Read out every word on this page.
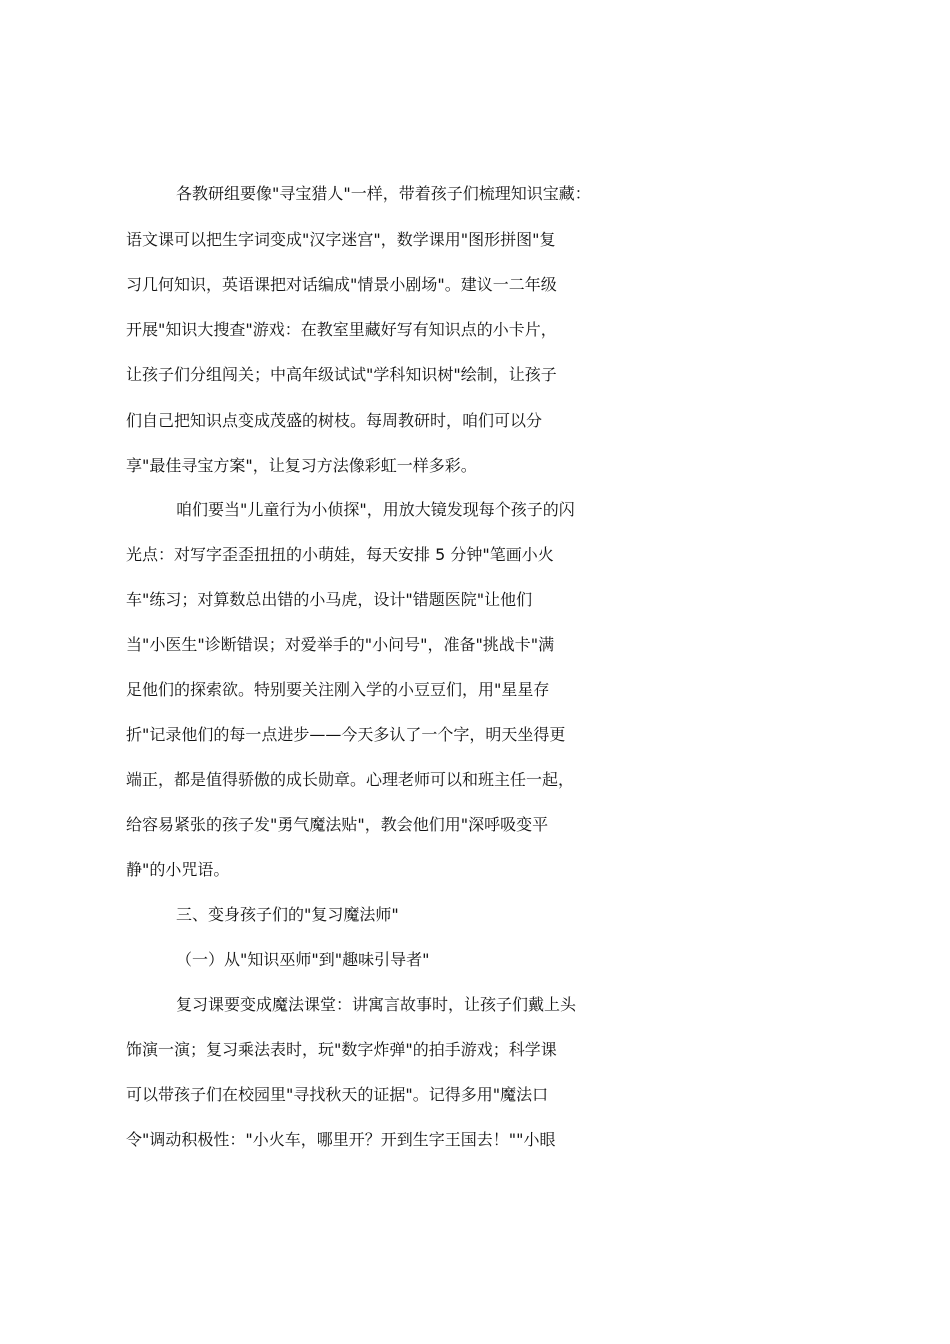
各教研组要像"寻宝猎人"一样，带着孩子们梳理知识宝藏：
语文课可以把生字词变成"汉字迷宫"，数学课用"图形拼图"复
习几何知识，英语课把对话编成"情景小剧场"。建议一二年级
开展"知识大搜查"游戏：在教室里藏好写有知识点的小卡片，
让孩子们分组闯关；中高年级试试"学科知识树"绘制，让孩子
们自己把知识点变成茂盛的树枝。每周教研时，咱们可以分
享"最佳寻宝方案"，让复习方法像彩虹一样多彩。
咱们要当"儿童行为小侦探"，用放大镜发现每个孩子的闪
光点：对写字歪歪扭扭的小萌娃，每天安排 5 分钟"笔画小火
车"练习；对算数总出错的小马虎，设计"错题医院"让他们
当"小医生"诊断错误；对爱举手的"小问号"，准备"挑战卡"满
足他们的探索欲。特别要关注刚入学的小豆豆们，用"星星存
折"记录他们的每一点进步——今天多认了一个字，明天坐得更
端正，都是值得骄傲的成长勋章。心理老师可以和班主任一起，
给容易紧张的孩子发"勇气魔法贴"，教会他们用"深呼吸变平
静"的小咒语。
三、变身孩子们的"复习魔法师"
（一）从"知识巫师"到"趣味引导者"
复习课要变成魔法课堂：讲寓言故事时，让孩子们戴上头
饰演一演；复习乘法表时，玩"数字炸弹"的拍手游戏；科学课
可以带孩子们在校园里"寻找秋天的证据"。记得多用"魔法口
令"调动积极性："小火车，哪里开？开到生字王国去！""小眼
